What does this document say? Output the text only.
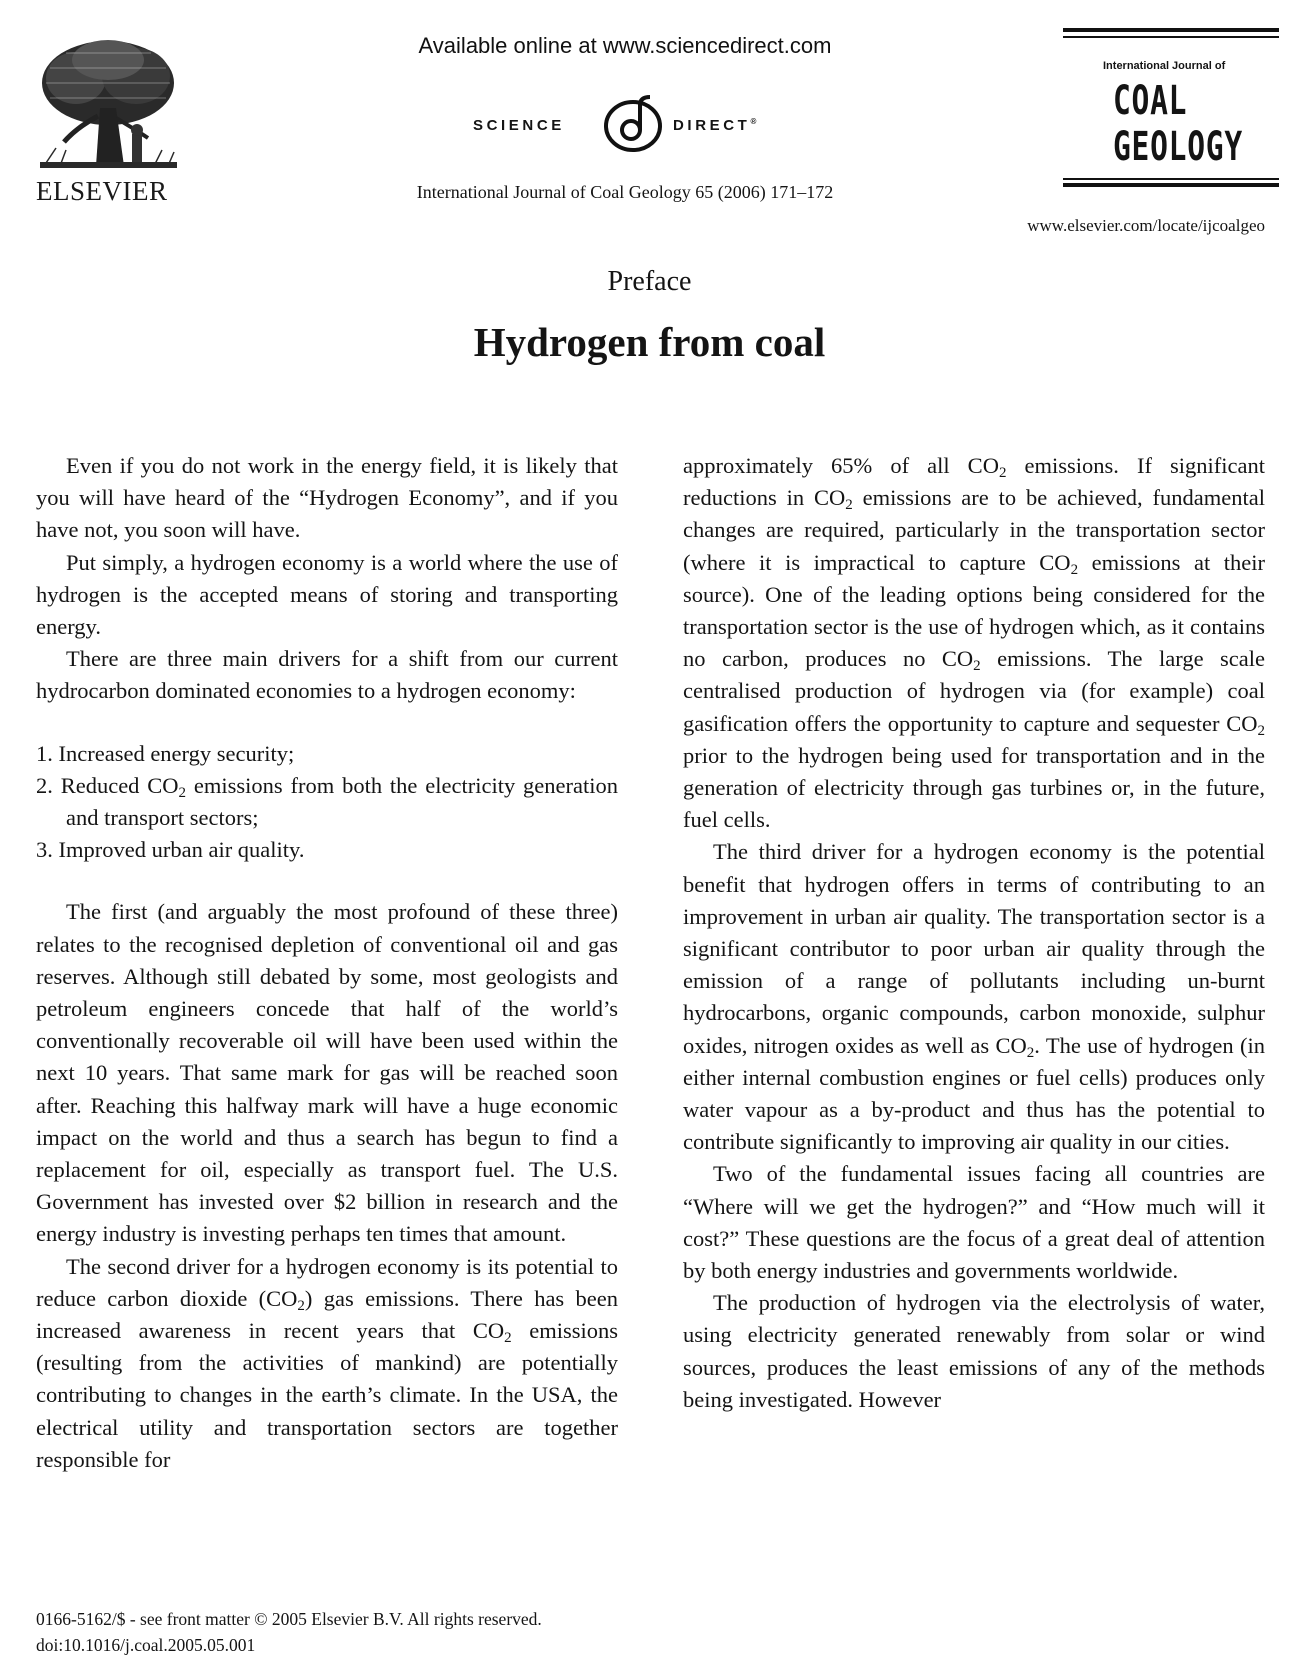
ELSEVIER
Available online at www.sciencedirect.com
SCIENCE	DIRECT®
International Journal of Coal Geology 65 (2006) 171–172
International Journal of
COAL
GEOLOGY
www.elsevier.com/locate/ijcoalgeo
Preface
Hydrogen from coal

Even if you do not work in the energy field, it is likely that you will have heard of the “Hydrogen Economy”, and if you have not, you soon will have.

Put simply, a hydrogen economy is a world where the use of hydrogen is the accepted means of storing and transporting energy.

There are three main drivers for a shift from our current hydrocarbon dominated economies to a hydrogen economy:

1. Increased energy security;
2. Reduced $CO_2$ emissions from both the electricity generation and transport sectors;
3. Improved urban air quality.

The first (and arguably the most profound of these three) relates to the recognised depletion of conventional oil and gas reserves. Although still debated by some, most geologists and petroleum engineers concede that half of the world’s conventionally recoverable oil will have been used within the next 10 years. That same mark for gas will be reached soon after. Reaching this halfway mark will have a huge economic impact on the world and thus a search has begun to find a replacement for oil, especially as transport fuel. The U.S. Government has invested over $2 billion in research and the energy industry is investing perhaps ten times that amount.

The second driver for a hydrogen economy is its potential to reduce carbon dioxide $(CO_2)$ gas emissions. There has been increased awareness in recent years that $CO_2$ emissions (resulting from the activities of mankind) are potentially contributing to changes in the earth’s climate. In the USA, the electrical utility and transportation sectors are together responsible for

approximately 65% of all $CO_2$ emissions. If significant reductions in $CO_2$ emissions are to be achieved, fundamental changes are required, particularly in the transportation sector (where it is impractical to capture $CO_2$ emissions at their source). One of the leading options being considered for the transportation sector is the use of hydrogen which, as it contains no carbon, produces no $CO_2$ emissions. The large scale centralised production of hydrogen via (for example) coal gasification offers the opportunity to capture and sequester $CO_2$ prior to the hydrogen being used for transportation and in the generation of electricity through gas turbines or, in the future, fuel cells.

The third driver for a hydrogen economy is the potential benefit that hydrogen offers in terms of contributing to an improvement in urban air quality. The transportation sector is a significant contributor to poor urban air quality through the emission of a range of pollutants including un-burnt hydrocarbons, organic compounds, carbon monoxide, sulphur oxides, nitrogen oxides as well as $CO_2$. The use of hydrogen (in either internal combustion engines or fuel cells) produces only water vapour as a by-product and thus has the potential to contribute significantly to improving air quality in our cities.

Two of the fundamental issues facing all countries are “Where will we get the hydrogen?” and “How much will it cost?” These questions are the focus of a great deal of attention by both energy industries and governments worldwide.

The production of hydrogen via the electrolysis of water, using electricity generated renewably from solar or wind sources, produces the least emissions of any of the methods being investigated. However

0166-5162/$ - see front matter © 2005 Elsevier B.V. All rights reserved.
doi:10.1016/j.coal.2005.05.001
